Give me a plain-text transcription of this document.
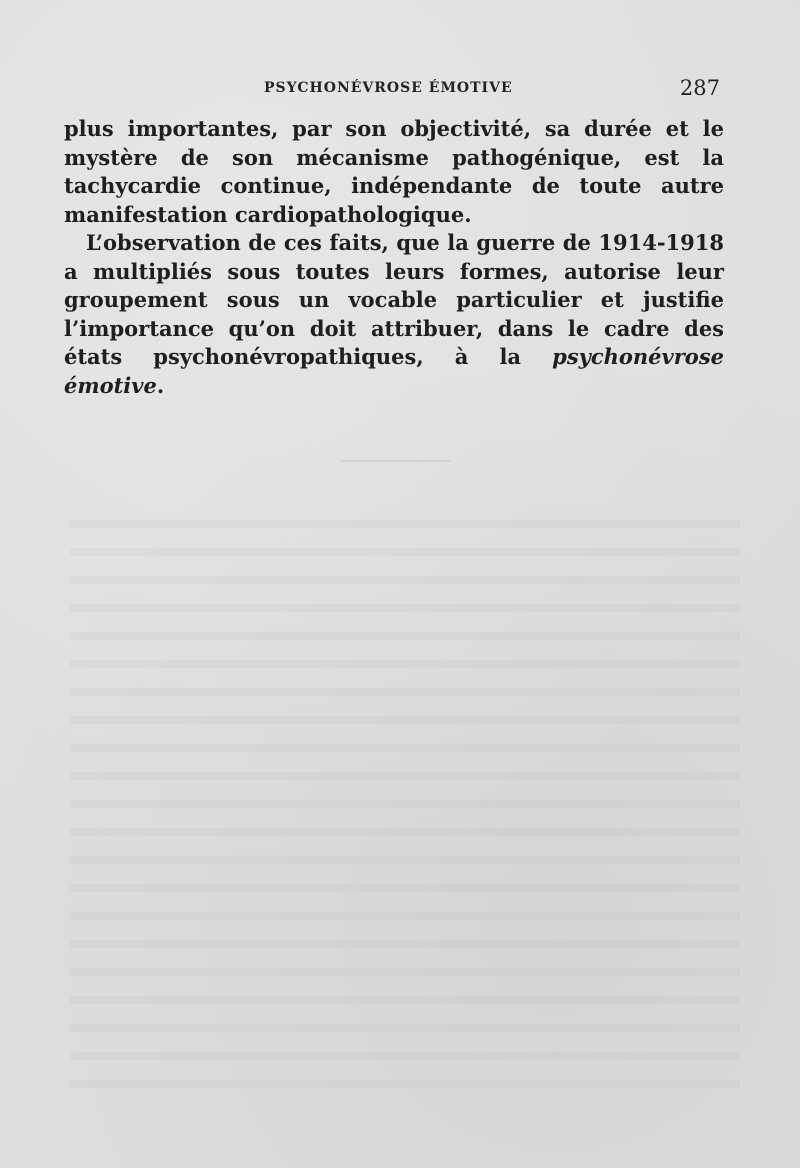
PSYCHONÉVROSE ÉMOTIVE	287

plus importantes, par son objectivité, sa durée et le mystère de son mécanisme pathogénique, est la tachycardie continue, indépendante de toute autre manifestation cardiopathologique.

L’observation de ces faits, que la guerre de 1914-1918 a multipliés sous toutes leurs formes, autorise leur groupement sous un vocable particulier et justifie l’importance qu’on doit attribuer, dans le cadre des états psychonévropathiques, à la psychonévrose émotive.
